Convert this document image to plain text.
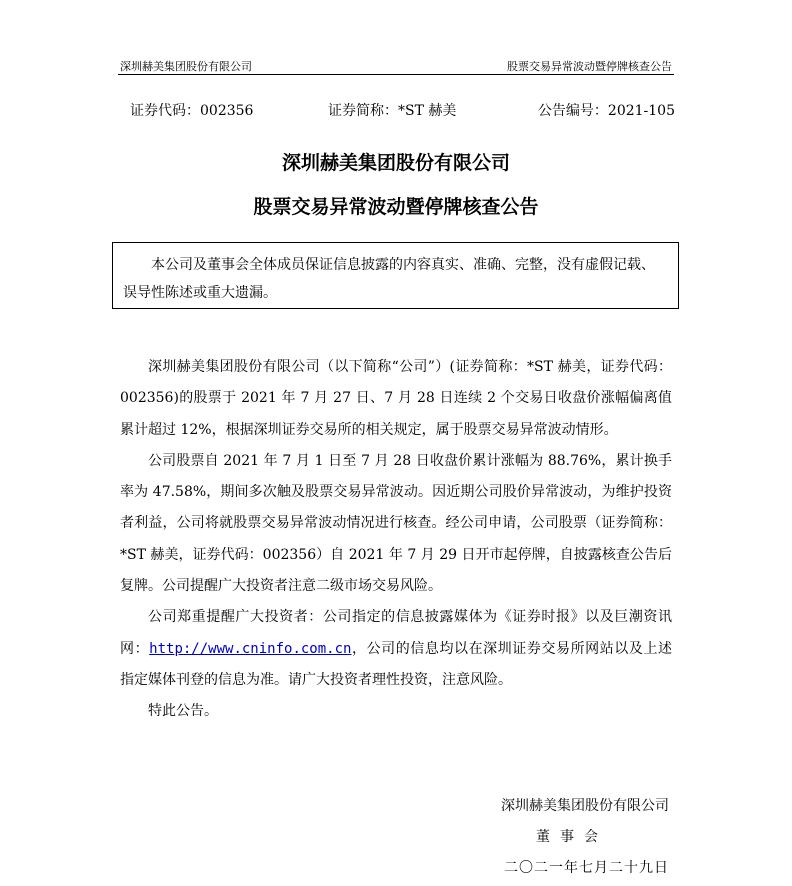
深圳赫美集团股份有限公司	股票交易异常波动暨停牌核查公告
证券代码：002356	证券简称：*ST 赫美	公告编号：2021-105
深圳赫美集团股份有限公司
股票交易异常波动暨停牌核查公告
本公司及董事会全体成员保证信息披露的内容真实、准确、完整，没有虚假记载、误导性陈述或重大遗漏。

深圳赫美集团股份有限公司（以下简称“公司”）(证券简称：*ST 赫美，证券代码：002356)的股票于 2021 年 7 月 27 日、7 月 28 日连续 2 个交易日收盘价涨幅偏离值累计超过 12%，根据深圳证券交易所的相关规定，属于股票交易异常波动情形。

公司股票自 2021 年 7 月 1 日至 7 月 28 日收盘价累计涨幅为 88.76%，累计换手率为 47.58%，期间多次触及股票交易异常波动。因近期公司股价异常波动，为维护投资者利益，公司将就股票交易异常波动情况进行核查。经公司申请，公司股票（证券简称：*ST 赫美，证券代码：002356）自 2021 年 7 月 29 日开市起停牌，自披露核查公告后复牌。公司提醒广大投资者注意二级市场交易风险。

公司郑重提醒广大投资者：公司指定的信息披露媒体为《证券时报》以及巨潮资讯网：http://www.cninfo.com.cn，公司的信息均以在深圳证券交易所网站以及上述指定媒体刊登的信息为准。请广大投资者理性投资，注意风险。

特此公告。

深圳赫美集团股份有限公司
董事会
二〇二一年七月二十九日
